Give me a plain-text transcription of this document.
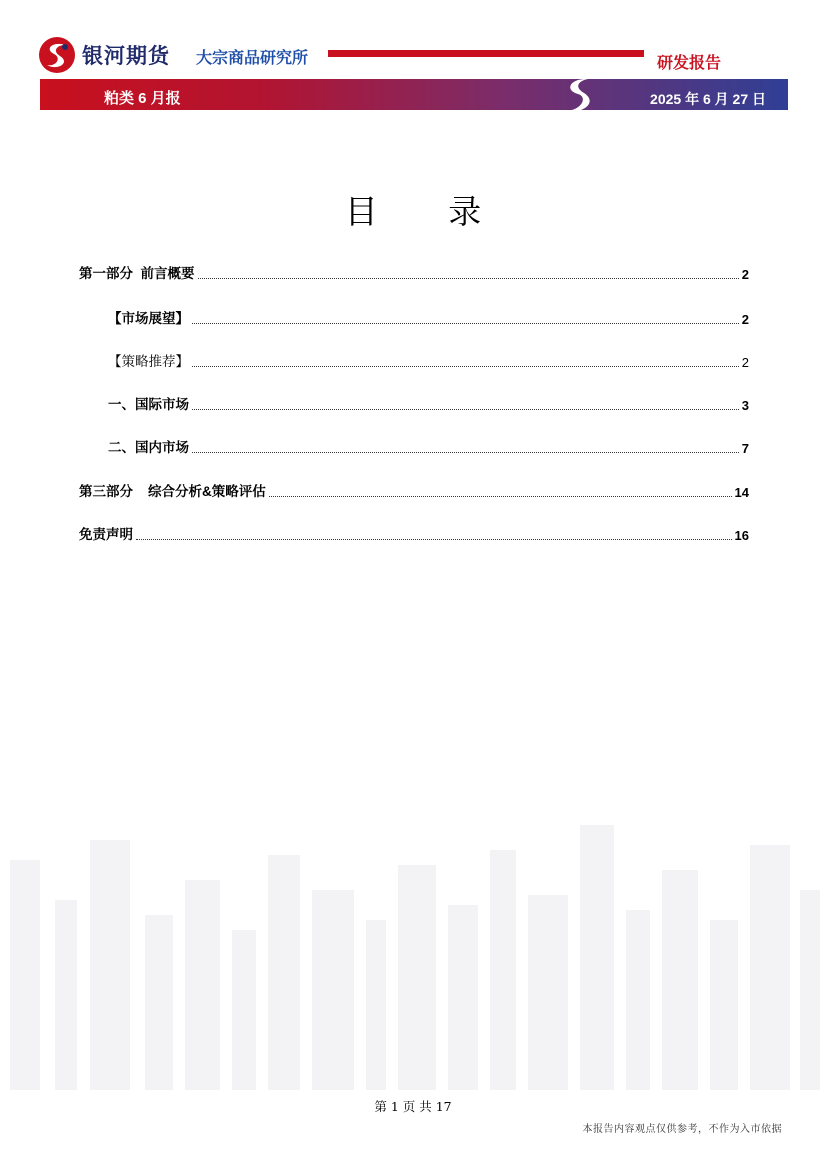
银河期货 大宗商品研究所	研发报告
粕类 6 月报	2025 年 6 月 27 日
目 录
第一部分  前言概要	2
【市场展望】	2
【策略推荐】	2
一、国际市场	3
二、国内市场	7
第三部分    综合分析&策略评估	14
免责声明	16
第 1 页 共 17
本报告内容观点仅供参考，不作为入市依据
